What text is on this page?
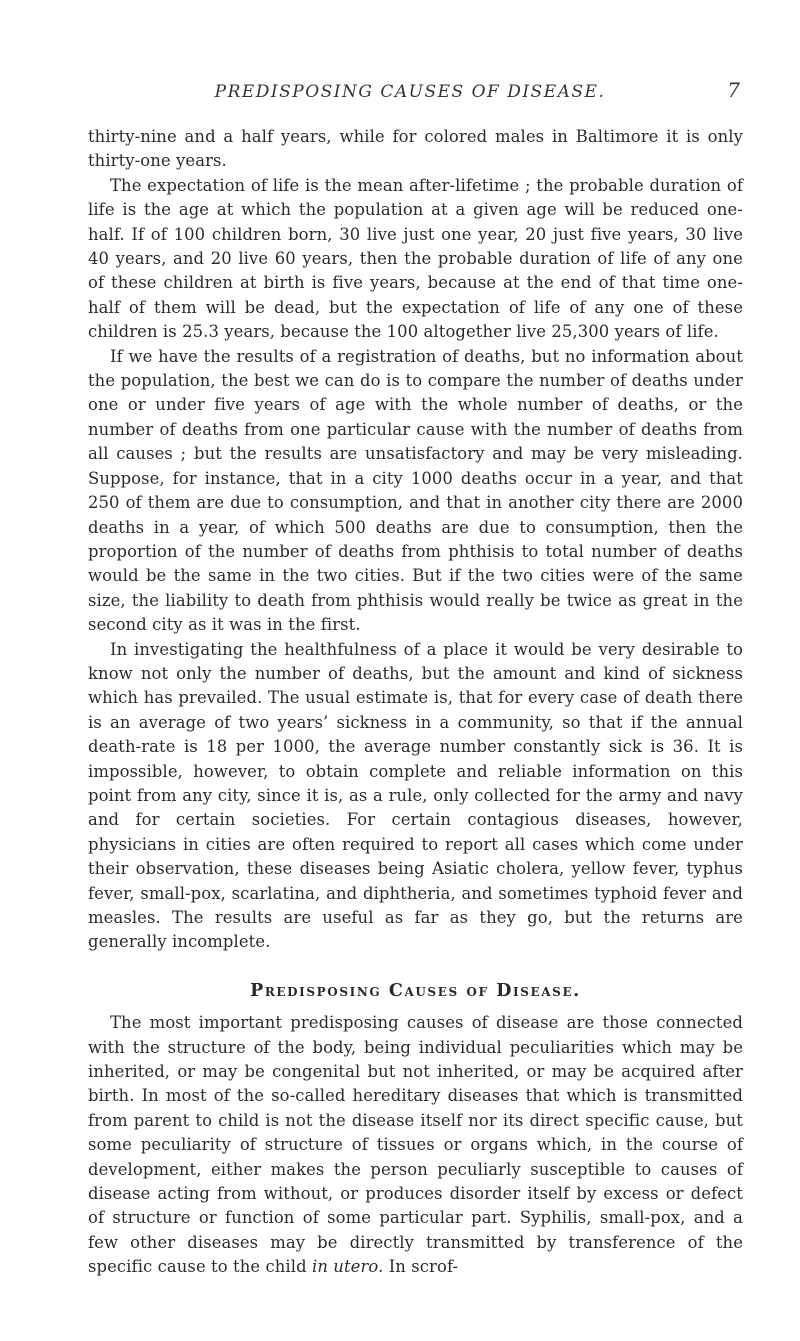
PREDISPOSING CAUSES OF DISEASE.	7

thirty-nine and a half years, while for colored males in Baltimore it is only thirty-one years.

The expectation of life is the mean after-lifetime ; the probable duration of life is the age at which the population at a given age will be reduced one-half. If of 100 children born, 30 live just one year, 20 just five years, 30 live 40 years, and 20 live 60 years, then the probable duration of life of any one of these children at birth is five years, because at the end of that time one-half of them will be dead, but the expectation of life of any one of these children is 25.3 years, because the 100 altogether live 25,300 years of life.

If we have the results of a registration of deaths, but no information about the population, the best we can do is to compare the number of deaths under one or under five years of age with the whole number of deaths, or the number of deaths from one particular cause with the number of deaths from all causes ; but the results are unsatisfactory and may be very misleading. Suppose, for instance, that in a city 1000 deaths occur in a year, and that 250 of them are due to consumption, and that in another city there are 2000 deaths in a year, of which 500 deaths are due to consumption, then the proportion of the number of deaths from phthisis to total number of deaths would be the same in the two cities. But if the two cities were of the same size, the liability to death from phthisis would really be twice as great in the second city as it was in the first.

In investigating the healthfulness of a place it would be very desirable to know not only the number of deaths, but the amount and kind of sickness which has prevailed. The usual estimate is, that for every case of death there is an average of two years’ sickness in a community, so that if the annual death-rate is 18 per 1000, the average number constantly sick is 36. It is impossible, however, to obtain complete and reliable information on this point from any city, since it is, as a rule, only collected for the army and navy and for certain societies. For certain contagious diseases, however, physicians in cities are often required to report all cases which come under their observation, these diseases being Asiatic cholera, yellow fever, typhus fever, small-pox, scarlatina, and diphtheria, and sometimes typhoid fever and measles. The results are useful as far as they go, but the returns are generally incomplete.

Predisposing Causes of Disease.

The most important predisposing causes of disease are those connected with the structure of the body, being individual peculiarities which may be inherited, or may be congenital but not inherited, or may be acquired after birth. In most of the so-called hereditary diseases that which is transmitted from parent to child is not the disease itself nor its direct specific cause, but some peculiarity of structure of tissues or organs which, in the course of development, either makes the person peculiarly susceptible to causes of disease acting from without, or produces disorder itself by excess or defect of structure or function of some particular part. Syphilis, small-pox, and a few other diseases may be directly transmitted by transference of the specific cause to the child in utero. In scrof-
